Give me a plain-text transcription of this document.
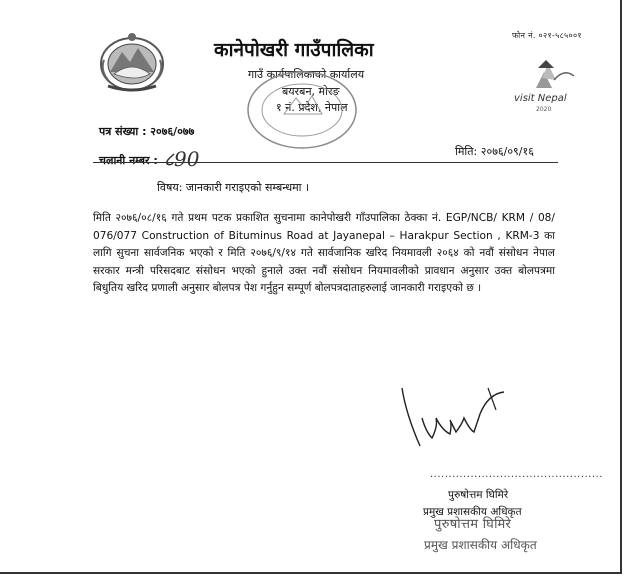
फोन नं. ०२१-५८५००१
कानेपोखरी गाउँपालिका
गाउँ कार्यपालिकाको कार्यालय
बयरबन, मोरङ
१ नं. प्रदेश, नेपाल
visit Nepal
2020
पत्र संख्या : २०७६/०७७
चलानी नम्बर : ८90	मिति: २०७६/०९/१६
विषय: जानकारी गराइएको सम्बन्धमा ।
मिति २०७६/०८/१६ गते प्रथम पटक प्रकाशित सुचनामा कानेपोखरी गाँउपालिका ठेक्का नं. EGP/NCB/ KRM / 08/ 076/077 Construction of Bituminus Road at Jayanepal – Harakpur Section , KRM-3 का लागि सुचना सार्वजनिक भएको र मिति २०७६/९/१४ गते सार्वजानिक खरिद नियमावली २०६४ को नवौं संसोधन नेपाल सरकार मन्त्री परिसदबाट संसोधन भएको हुनाले उक्त नवौं संसोधन नियमावलीको प्रावधान अनुसार उक्त बोलपत्रमा बिधुतिय खरिद प्रणाली अनुसार बोलपत्र पेश गर्नुहुन सम्पूर्ण बोलपत्रदाताहरुलाई जानकारी गराइएको छ ।
...............................................
पुरुषोत्तम घिमिरे
प्रमुख प्रशासकीय अधिकृत
पुरुषोत्तम घिमिरे
प्रमुख प्रशासकीय अधिकृत
